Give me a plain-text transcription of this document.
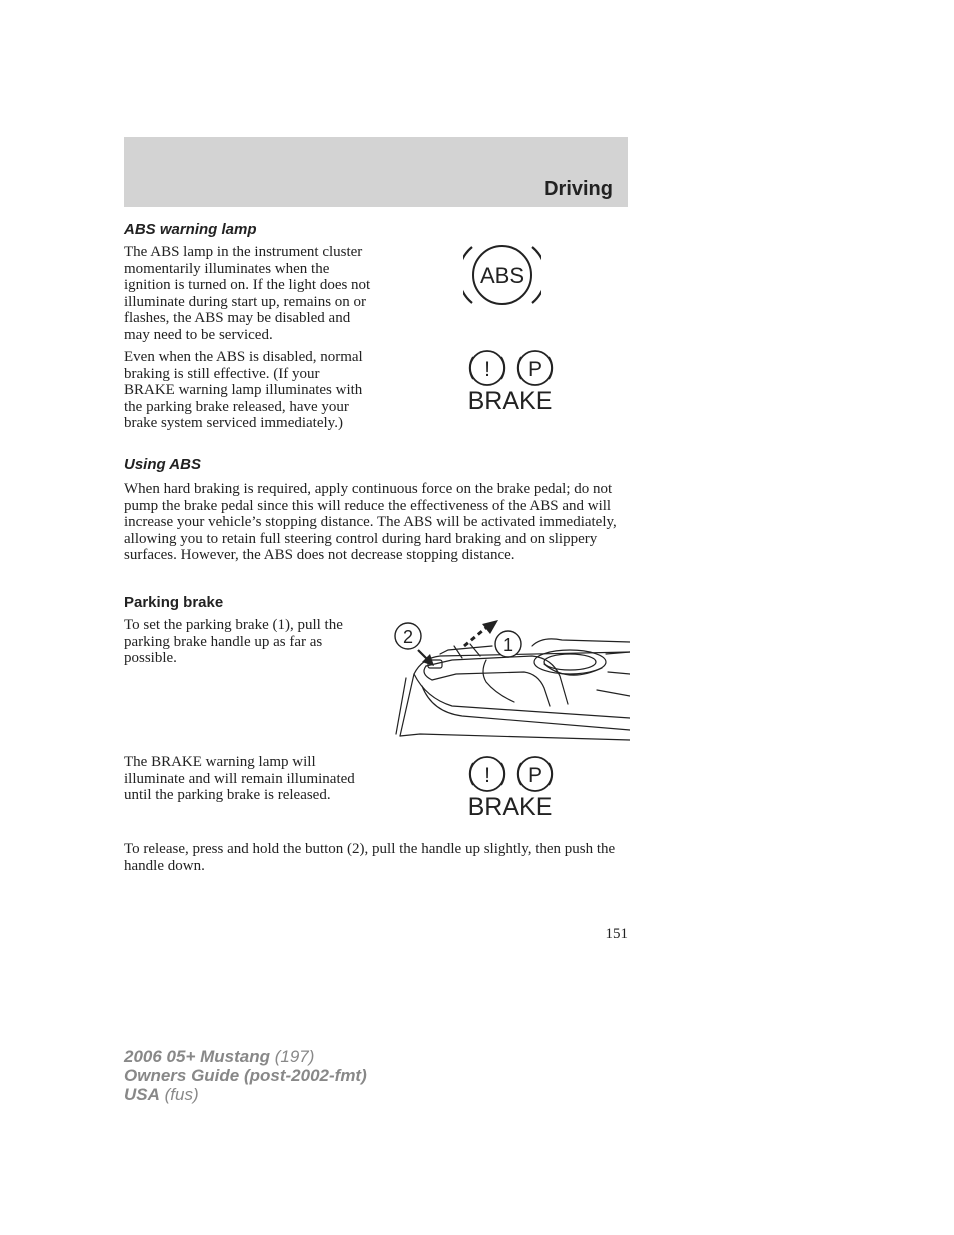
Driving
ABS warning lamp

The ABS lamp in the instrument cluster momentarily illuminates when the ignition is turned on. If the light does not illuminate during start up, remains on or flashes, the ABS may be disabled and may need to be serviced.

ABS

Even when the ABS is disabled, normal braking is still effective. (If your BRAKE warning lamp illuminates with the parking brake released, have your brake system serviced immediately.)

! P
BRAKE
Using ABS

When hard braking is required, apply continuous force on the brake pedal; do not pump the brake pedal since this will reduce the effectiveness of the ABS and will increase your vehicle’s stopping distance. The ABS will be activated immediately, allowing you to retain full steering control during hard braking and on slippery surfaces. However, the ABS does not decrease stopping distance.

Parking brake

To set the parking brake (1), pull the parking brake handle up as far as possible.

1
2

The BRAKE warning lamp will illuminate and will remain illuminated until the parking brake is released.

! P
BRAKE

To release, press and hold the button (2), pull the handle up slightly, then push the handle down.

151
2006 05+ Mustang (197)
Owners Guide (post-2002-fmt)
USA (fus)
